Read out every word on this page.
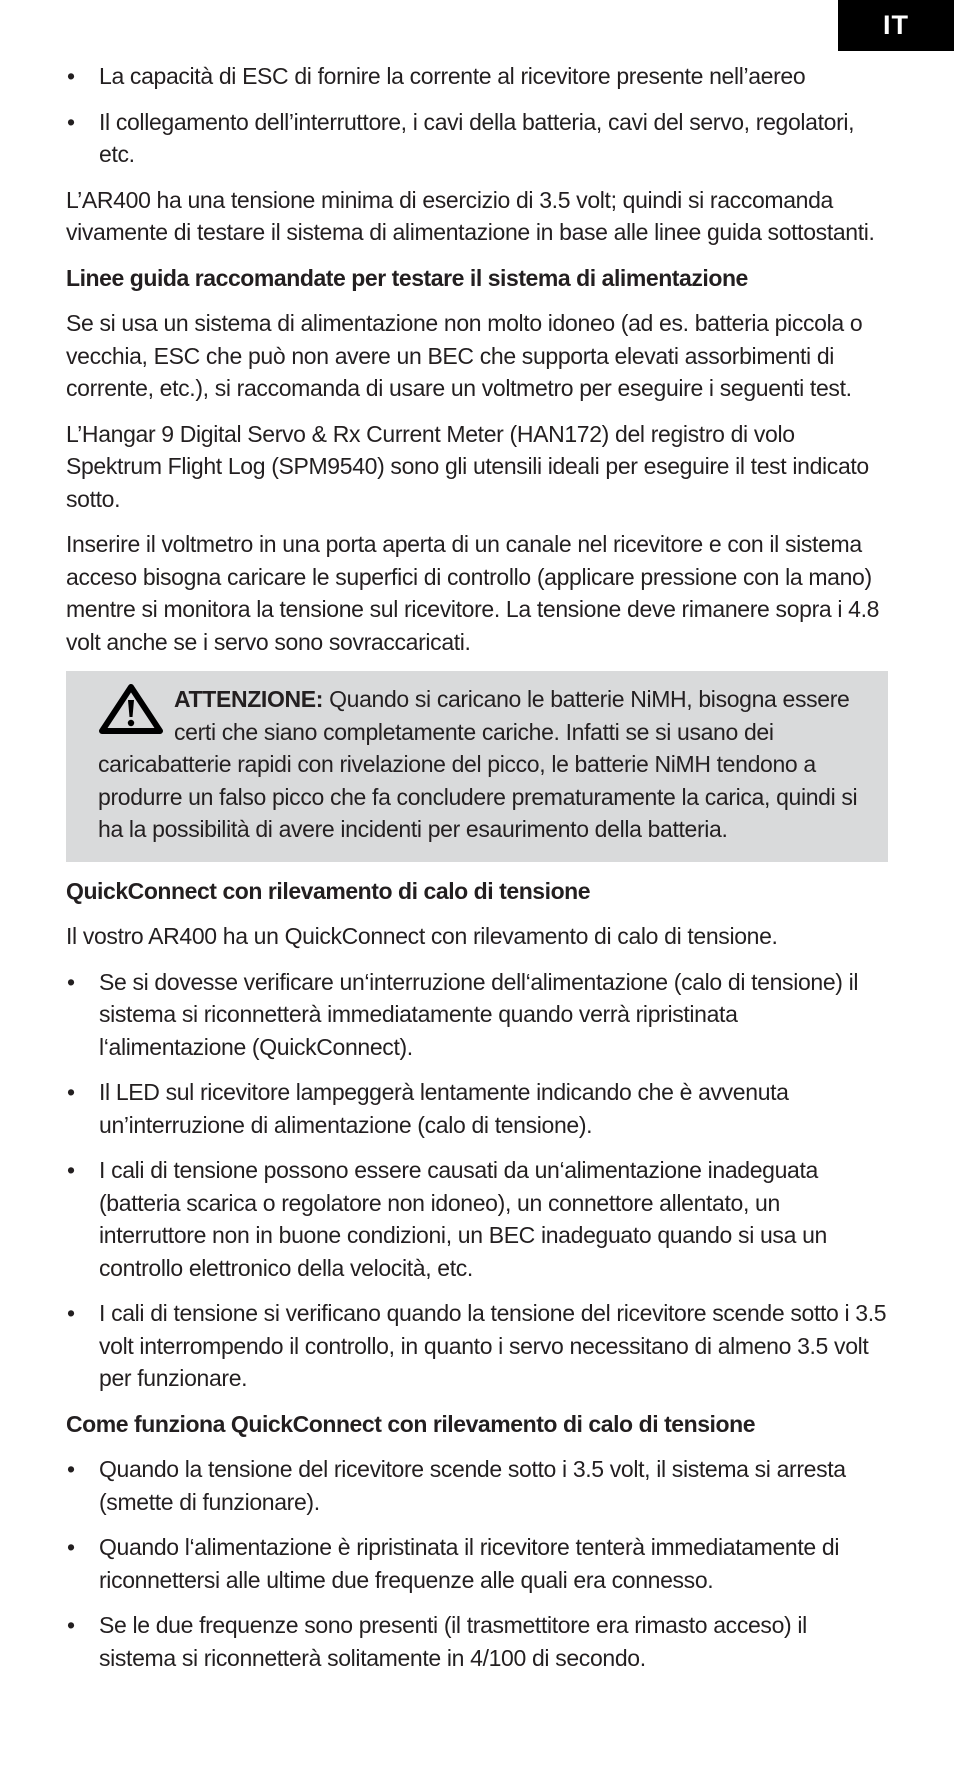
IT
• La capacità di ESC di fornire la corrente al ricevitore presente nell’aereo
• Il collegamento dell’interruttore, i cavi della batteria, cavi del servo, regolatori, etc.

L’AR400 ha una tensione minima di esercizio di 3.5 volt; quindi si raccomanda vivamente di testare il sistema di alimentazione in base alle linee guida sottostanti.

Linee guida raccomandate per testare il sistema di alimentazione

Se si usa un sistema di alimentazione non molto idoneo (ad es. batteria piccola o vecchia, ESC che può non avere un BEC che supporta elevati assorbimenti di corrente, etc.), si raccomanda di usare un voltmetro per eseguire i seguenti test.

L’Hangar 9 Digital Servo & Rx Current Meter (HAN172) del registro di volo Spektrum Flight Log (SPM9540) sono gli utensili ideali per eseguire il test indicato sotto.

Inserire il voltmetro in una porta aperta di un canale nel ricevitore e con il sistema acceso bisogna caricare le superfici di controllo (applicare pressione con la mano) mentre si monitora la tensione sul ricevitore. La tensione deve rimanere sopra i 4.8 volt anche se i servo sono sovraccaricati.

ATTENZIONE: Quando si caricano le batterie NiMH, bisogna essere certi che siano completamente cariche. Infatti se si usano dei caricabatterie rapidi con rivelazione del picco, le batterie NiMH tendono a produrre un falso picco che fa concludere prematuramente la carica, quindi si ha la possibilità di avere incidenti per esaurimento della batteria.
QuickConnect con rilevamento di calo di tensione

Il vostro AR400 ha un QuickConnect con rilevamento di calo di tensione.

• Se si dovesse verificare un‘interruzione dell‘alimentazione (calo di tensione) il sistema si riconnetterà immediatamente quando verrà ripristinata l‘alimentazione (QuickConnect).
• Il LED sul ricevitore lampeggerà lentamente indicando che è avvenuta un’interruzione di alimentazione (calo di tensione).
• I cali di tensione possono essere causati da un‘alimentazione inadeguata (batteria scarica o regolatore non idoneo), un connettore allentato, un interruttore non in buone condizioni, un BEC inadeguato quando si usa un controllo elettronico della velocità, etc.
• I cali di tensione si verificano quando la tensione del ricevitore scende sotto i 3.5 volt interrompendo il controllo, in quanto i servo necessitano di almeno 3.5 volt per funzionare.
Come funziona QuickConnect con rilevamento di calo di tensione
• Quando la tensione del ricevitore scende sotto i 3.5 volt, il sistema si arresta (smette di funzionare).
• Quando l‘alimentazione è ripristinata il ricevitore tenterà immediatamente di riconnettersi alle ultime due frequenze alle quali era connesso.
• Se le due frequenze sono presenti (il trasmettitore era rimasto acceso) il sistema si riconnetterà solitamente in 4/100 di secondo.
